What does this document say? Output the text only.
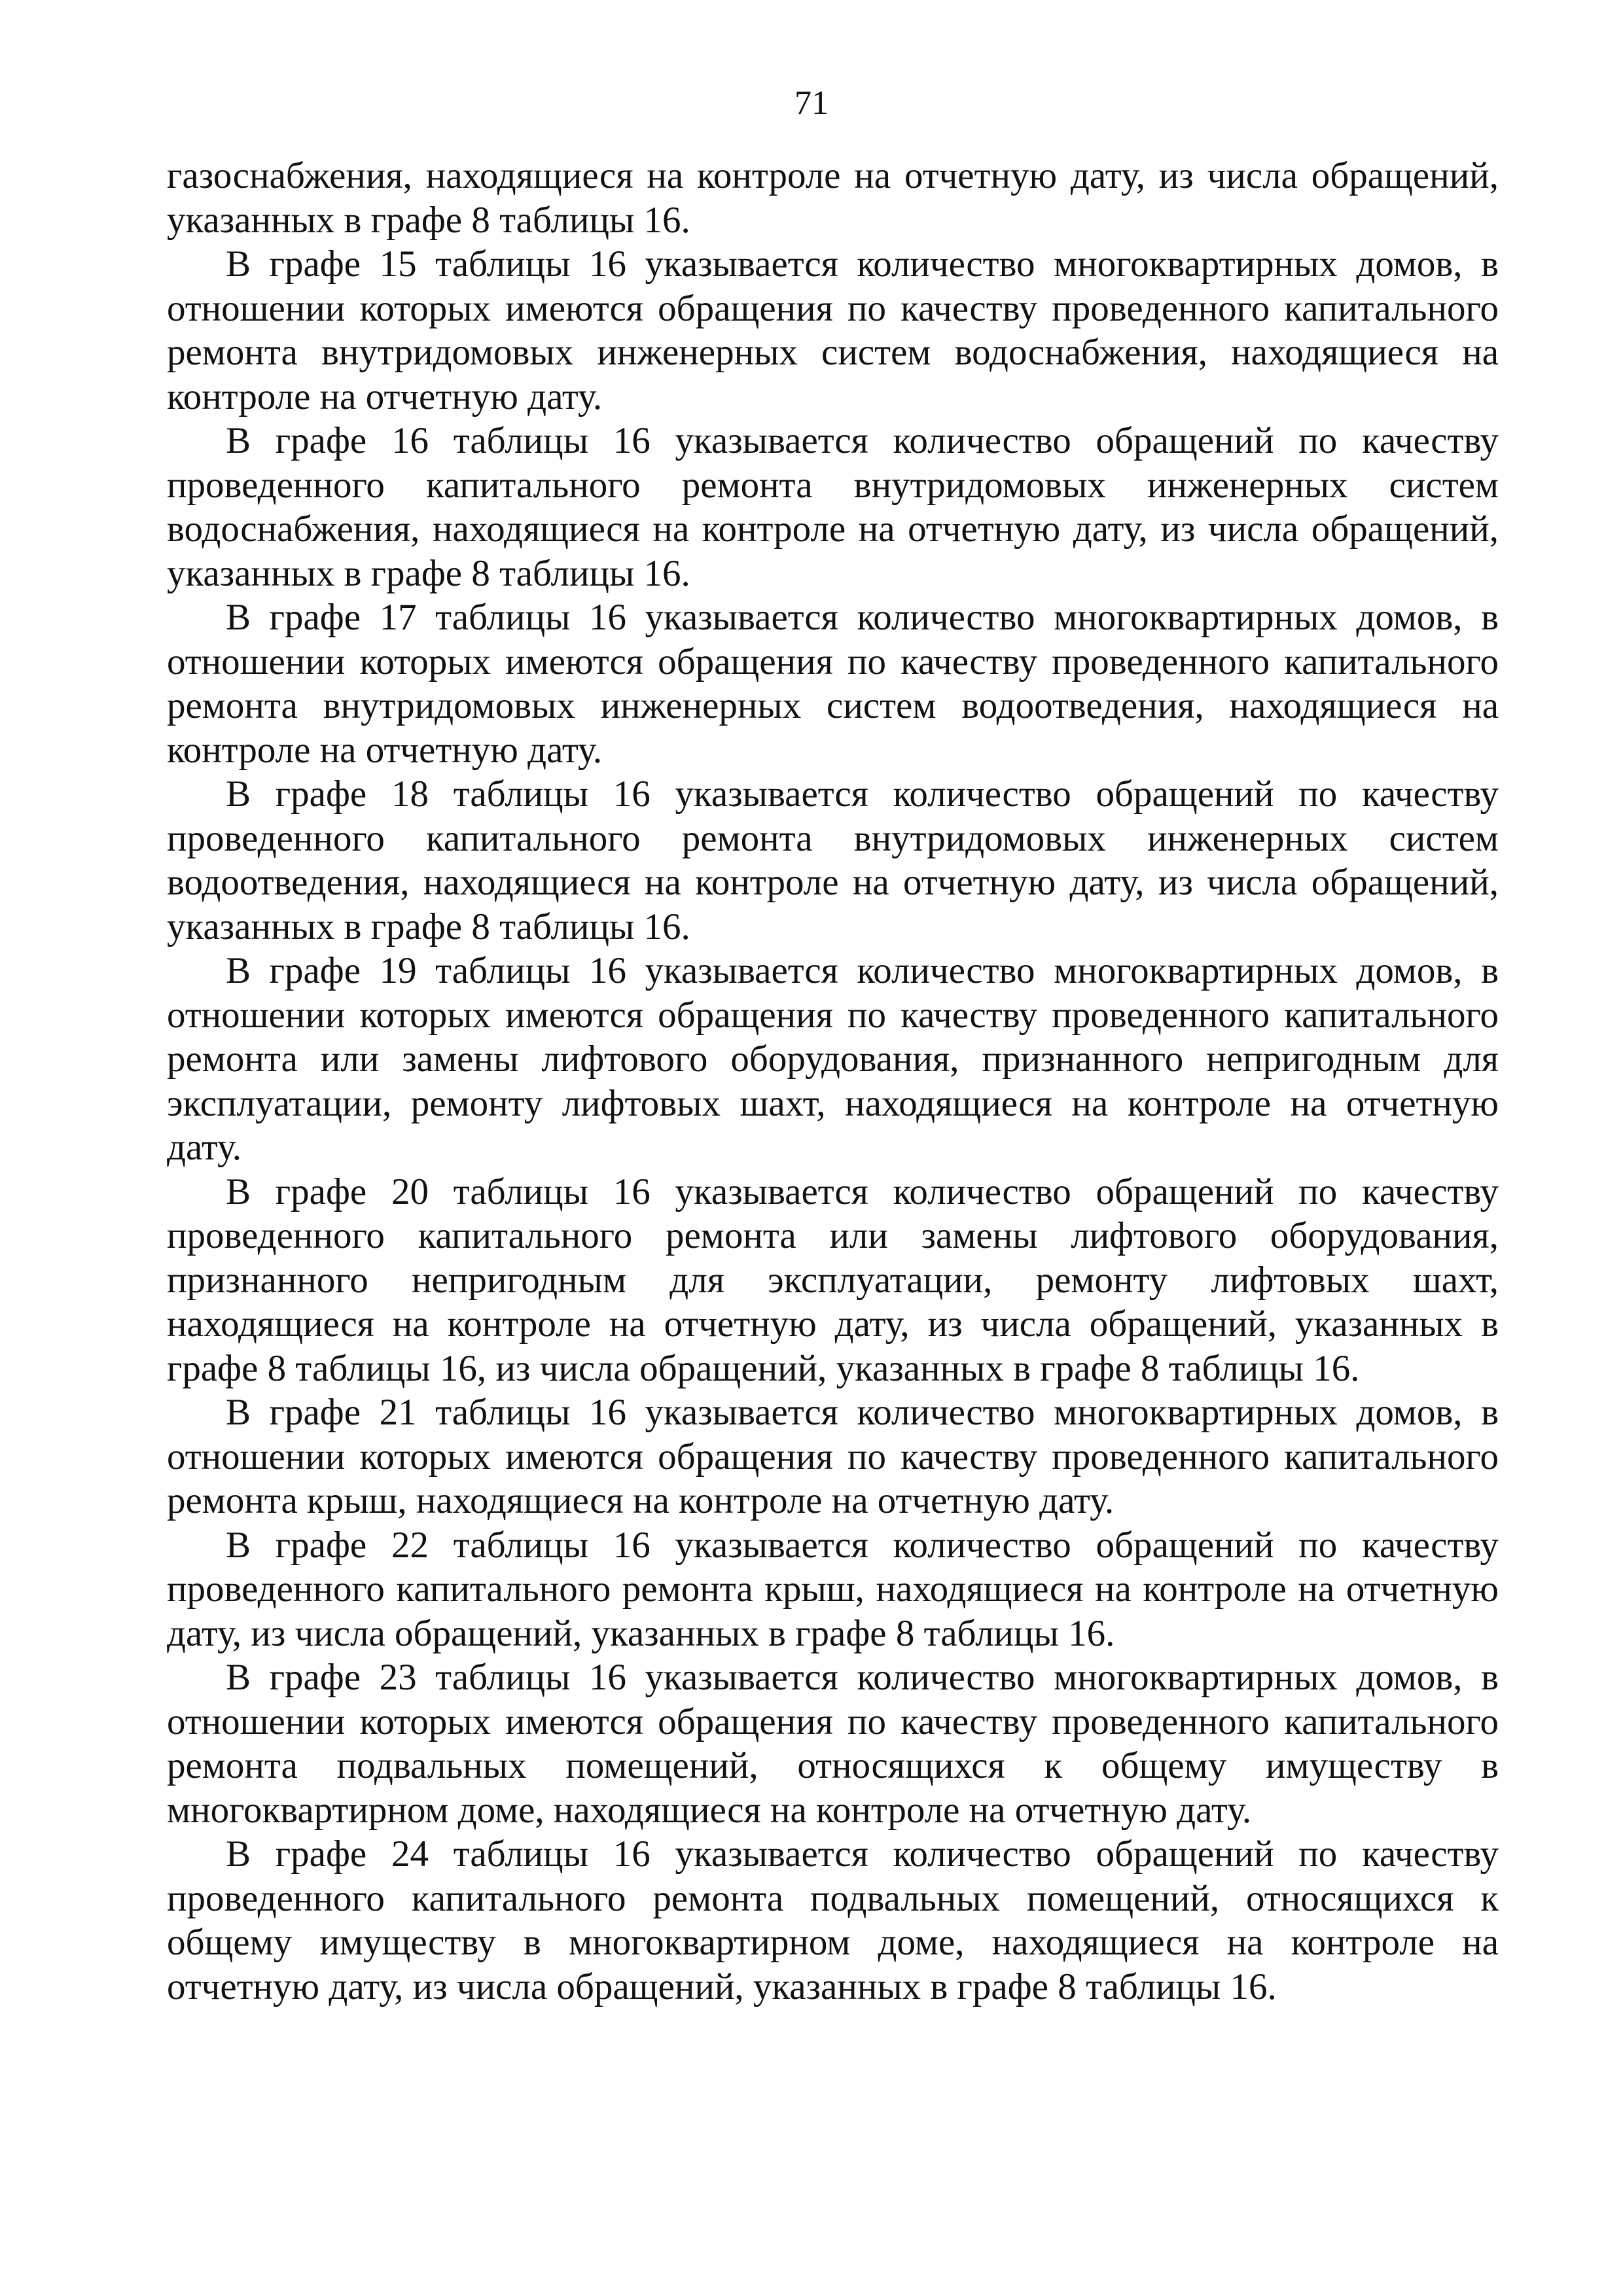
71

газоснабжения, находящиеся на контроле на отчетную дату, из числа обращений, указанных в графе 8 таблицы 16.

В графе 15 таблицы 16 указывается количество многоквартирных домов, в отношении которых имеются обращения по качеству проведенного капитального ремонта внутридомовых инженерных систем водоснабжения, находящиеся на контроле на отчетную дату.

В графе 16 таблицы 16 указывается количество обращений по качеству проведенного капитального ремонта внутридомовых инженерных систем водоснабжения, находящиеся на контроле на отчетную дату, из числа обращений, указанных в графе 8 таблицы 16.

В графе 17 таблицы 16 указывается количество многоквартирных домов, в отношении которых имеются обращения по качеству проведенного капитального ремонта внутридомовых инженерных систем водоотведения, находящиеся на контроле на отчетную дату.

В графе 18 таблицы 16 указывается количество обращений по качеству проведенного капитального ремонта внутридомовых инженерных систем водоотведения, находящиеся на контроле на отчетную дату, из числа обращений, указанных в графе 8 таблицы 16.

В графе 19 таблицы 16 указывается количество многоквартирных домов, в отношении которых имеются обращения по качеству проведенного капитального ремонта или замены лифтового оборудования, признанного непригодным для эксплуатации, ремонту лифтовых шахт, находящиеся на контроле на отчетную дату.

В графе 20 таблицы 16 указывается количество обращений по качеству проведенного капитального ремонта или замены лифтового оборудования, признанного непригодным для эксплуатации, ремонту лифтовых шахт, находящиеся на контроле на отчетную дату, из числа обращений, указанных в графе 8 таблицы 16, из числа обращений, указанных в графе 8 таблицы 16.

В графе 21 таблицы 16 указывается количество многоквартирных домов, в отношении которых имеются обращения по качеству проведенного капитального ремонта крыш, находящиеся на контроле на отчетную дату.

В графе 22 таблицы 16 указывается количество обращений по качеству проведенного капитального ремонта крыш, находящиеся на контроле на отчетную дату, из числа обращений, указанных в графе 8 таблицы 16.

В графе 23 таблицы 16 указывается количество многоквартирных домов, в отношении которых имеются обращения по качеству проведенного капитального ремонта подвальных помещений, относящихся к общему имуществу в многоквартирном доме, находящиеся на контроле на отчетную дату.

В графе 24 таблицы 16 указывается количество обращений по качеству проведенного капитального ремонта подвальных помещений, относящихся к общему имуществу в многоквартирном доме, находящиеся на контроле на отчетную дату, из числа обращений, указанных в графе 8 таблицы 16.
